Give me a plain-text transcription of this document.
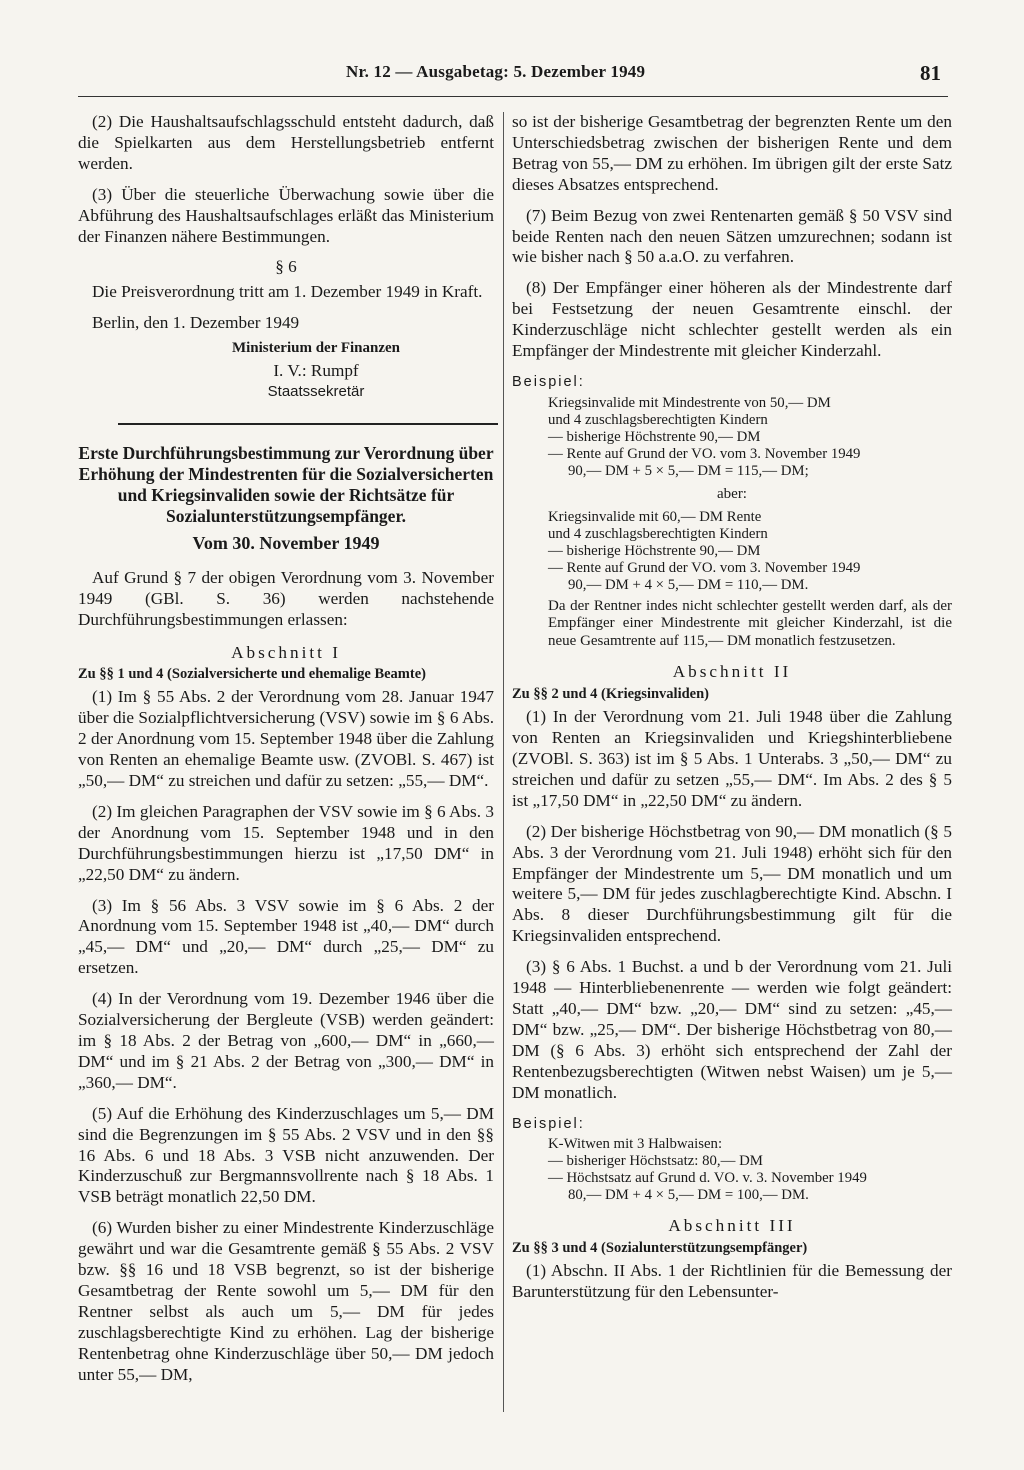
Nr. 12 — Ausgabetag: 5. Dezember 1949	81

(2) Die Haushaltsaufschlagsschuld entsteht dadurch, daß die Spielkarten aus dem Herstellungsbetrieb entfernt werden.

(3) Über die steuerliche Überwachung sowie über die Abführung des Haushaltsaufschlages erläßt das Ministerium der Finanzen nähere Bestimmungen.

§ 6

Die Preisverordnung tritt am 1. Dezember 1949 in Kraft.

Berlin, den 1. Dezember 1949

Ministerium der Finanzen
I. V.: Rumpf
Staatssekretär
Erste Durchführungsbestimmung zur Verordnung über Erhöhung der Mindestrenten für die Sozialversicherten und Kriegsinvaliden sowie der Richtsätze für Sozialunterstützungsempfänger.
Vom 30. November 1949

Auf Grund § 7 der obigen Verordnung vom 3. November 1949 (GBl. S. 36) werden nachstehende Durchführungsbestimmungen erlassen:

Abschnitt I
Zu §§ 1 und 4 (Sozialversicherte und ehemalige Beamte)

(1) Im § 55 Abs. 2 der Verordnung vom 28. Januar 1947 über die Sozialpflichtversicherung (VSV) sowie im § 6 Abs. 2 der Anordnung vom 15. September 1948 über die Zahlung von Renten an ehemalige Beamte usw. (ZVOBl. S. 467) ist „50,— DM“ zu streichen und dafür zu setzen: „55,— DM“.

(2) Im gleichen Paragraphen der VSV sowie im § 6 Abs. 3 der Anordnung vom 15. September 1948 und in den Durchführungsbestimmungen hierzu ist „17,50 DM“ in „22,50 DM“ zu ändern.

(3) Im § 56 Abs. 3 VSV sowie im § 6 Abs. 2 der Anordnung vom 15. September 1948 ist „40,— DM“ durch „45,— DM“ und „20,— DM“ durch „25,— DM“ zu ersetzen.

(4) In der Verordnung vom 19. Dezember 1946 über die Sozialversicherung der Bergleute (VSB) werden geändert: im § 18 Abs. 2 der Betrag von „600,— DM“ in „660,— DM“ und im § 21 Abs. 2 der Betrag von „300,— DM“ in „360,— DM“.

(5) Auf die Erhöhung des Kinderzuschlages um 5,— DM sind die Begrenzungen im § 55 Abs. 2 VSV und in den §§ 16 Abs. 6 und 18 Abs. 3 VSB nicht anzuwenden. Der Kinderzuschuß zur Bergmannsvollrente nach § 18 Abs. 1 VSB beträgt monatlich 22,50 DM.

(6) Wurden bisher zu einer Mindestrente Kinderzuschläge gewährt und war die Gesamtrente gemäß § 55 Abs. 2 VSV bzw. §§ 16 und 18 VSB begrenzt, so ist der bisherige Gesamtbetrag der Rente sowohl um 5,— DM für den Rentner selbst als auch um 5,— DM für jedes zuschlagsberechtigte Kind zu erhöhen. Lag der bisherige Rentenbetrag ohne Kinderzuschläge über 50,— DM jedoch unter 55,— DM,

so ist der bisherige Gesamtbetrag der begrenzten Rente um den Unterschiedsbetrag zwischen der bisherigen Rente und dem Betrag von 55,— DM zu erhöhen. Im übrigen gilt der erste Satz dieses Absatzes entsprechend.

(7) Beim Bezug von zwei Rentenarten gemäß § 50 VSV sind beide Renten nach den neuen Sätzen umzurechnen; sodann ist wie bisher nach § 50 a.a.O. zu verfahren.

(8) Der Empfänger einer höheren als der Mindestrente darf bei Festsetzung der neuen Gesamtrente einschl. der Kinderzuschläge nicht schlechter gestellt werden als ein Empfänger der Mindestrente mit gleicher Kinderzahl.

Beispiel:
Kriegsinvalide mit Mindestrente von 50,— DM
und 4 zuschlagsberechtigten Kindern
— bisherige Höchstrente 90,— DM
— Rente auf Grund der VO. vom 3. November 1949
90,— DM + 5 × 5,— DM = 115,— DM;
aber:
Kriegsinvalide mit 60,— DM Rente
und 4 zuschlagsberechtigten Kindern
— bisherige Höchstrente 90,— DM
— Rente auf Grund der VO. vom 3. November 1949
90,— DM + 4 × 5,— DM = 110,— DM.

Da der Rentner indes nicht schlechter gestellt werden darf, als der Empfänger einer Mindestrente mit gleicher Kinderzahl, ist die neue Gesamtrente auf 115,— DM monatlich festzusetzen.

Abschnitt II
Zu §§ 2 und 4 (Kriegsinvaliden)

(1) In der Verordnung vom 21. Juli 1948 über die Zahlung von Renten an Kriegsinvaliden und Kriegshinterbliebene (ZVOBl. S. 363) ist im § 5 Abs. 1 Unterabs. 3 „50,— DM“ zu streichen und dafür zu setzen „55,— DM“. Im Abs. 2 des § 5 ist „17,50 DM“ in „22,50 DM“ zu ändern.

(2) Der bisherige Höchstbetrag von 90,— DM monatlich (§ 5 Abs. 3 der Verordnung vom 21. Juli 1948) erhöht sich für den Empfänger der Mindestrente um 5,— DM monatlich und um weitere 5,— DM für jedes zuschlagberechtigte Kind. Abschn. I Abs. 8 dieser Durchführungsbestimmung gilt für die Kriegsinvaliden entsprechend.

(3) § 6 Abs. 1 Buchst. a und b der Verordnung vom 21. Juli 1948 — Hinterbliebenenrente — werden wie folgt geändert: Statt „40,— DM“ bzw. „20,— DM“ sind zu setzen: „45,— DM“ bzw. „25,— DM“. Der bisherige Höchstbetrag von 80,— DM (§ 6 Abs. 3) erhöht sich entsprechend der Zahl der Rentenbezugsberechtigten (Witwen nebst Waisen) um je 5,— DM monatlich.

Beispiel:
K-Witwen mit 3 Halbwaisen:
— bisheriger Höchstsatz: 80,— DM
— Höchstsatz auf Grund d. VO. v. 3. November 1949
80,— DM + 4 × 5,— DM = 100,— DM.
Abschnitt III
Zu §§ 3 und 4 (Sozialunterstützungsempfänger)

(1) Abschn. II Abs. 1 der Richtlinien für die Bemessung der Barunterstützung für den Lebensunter-
